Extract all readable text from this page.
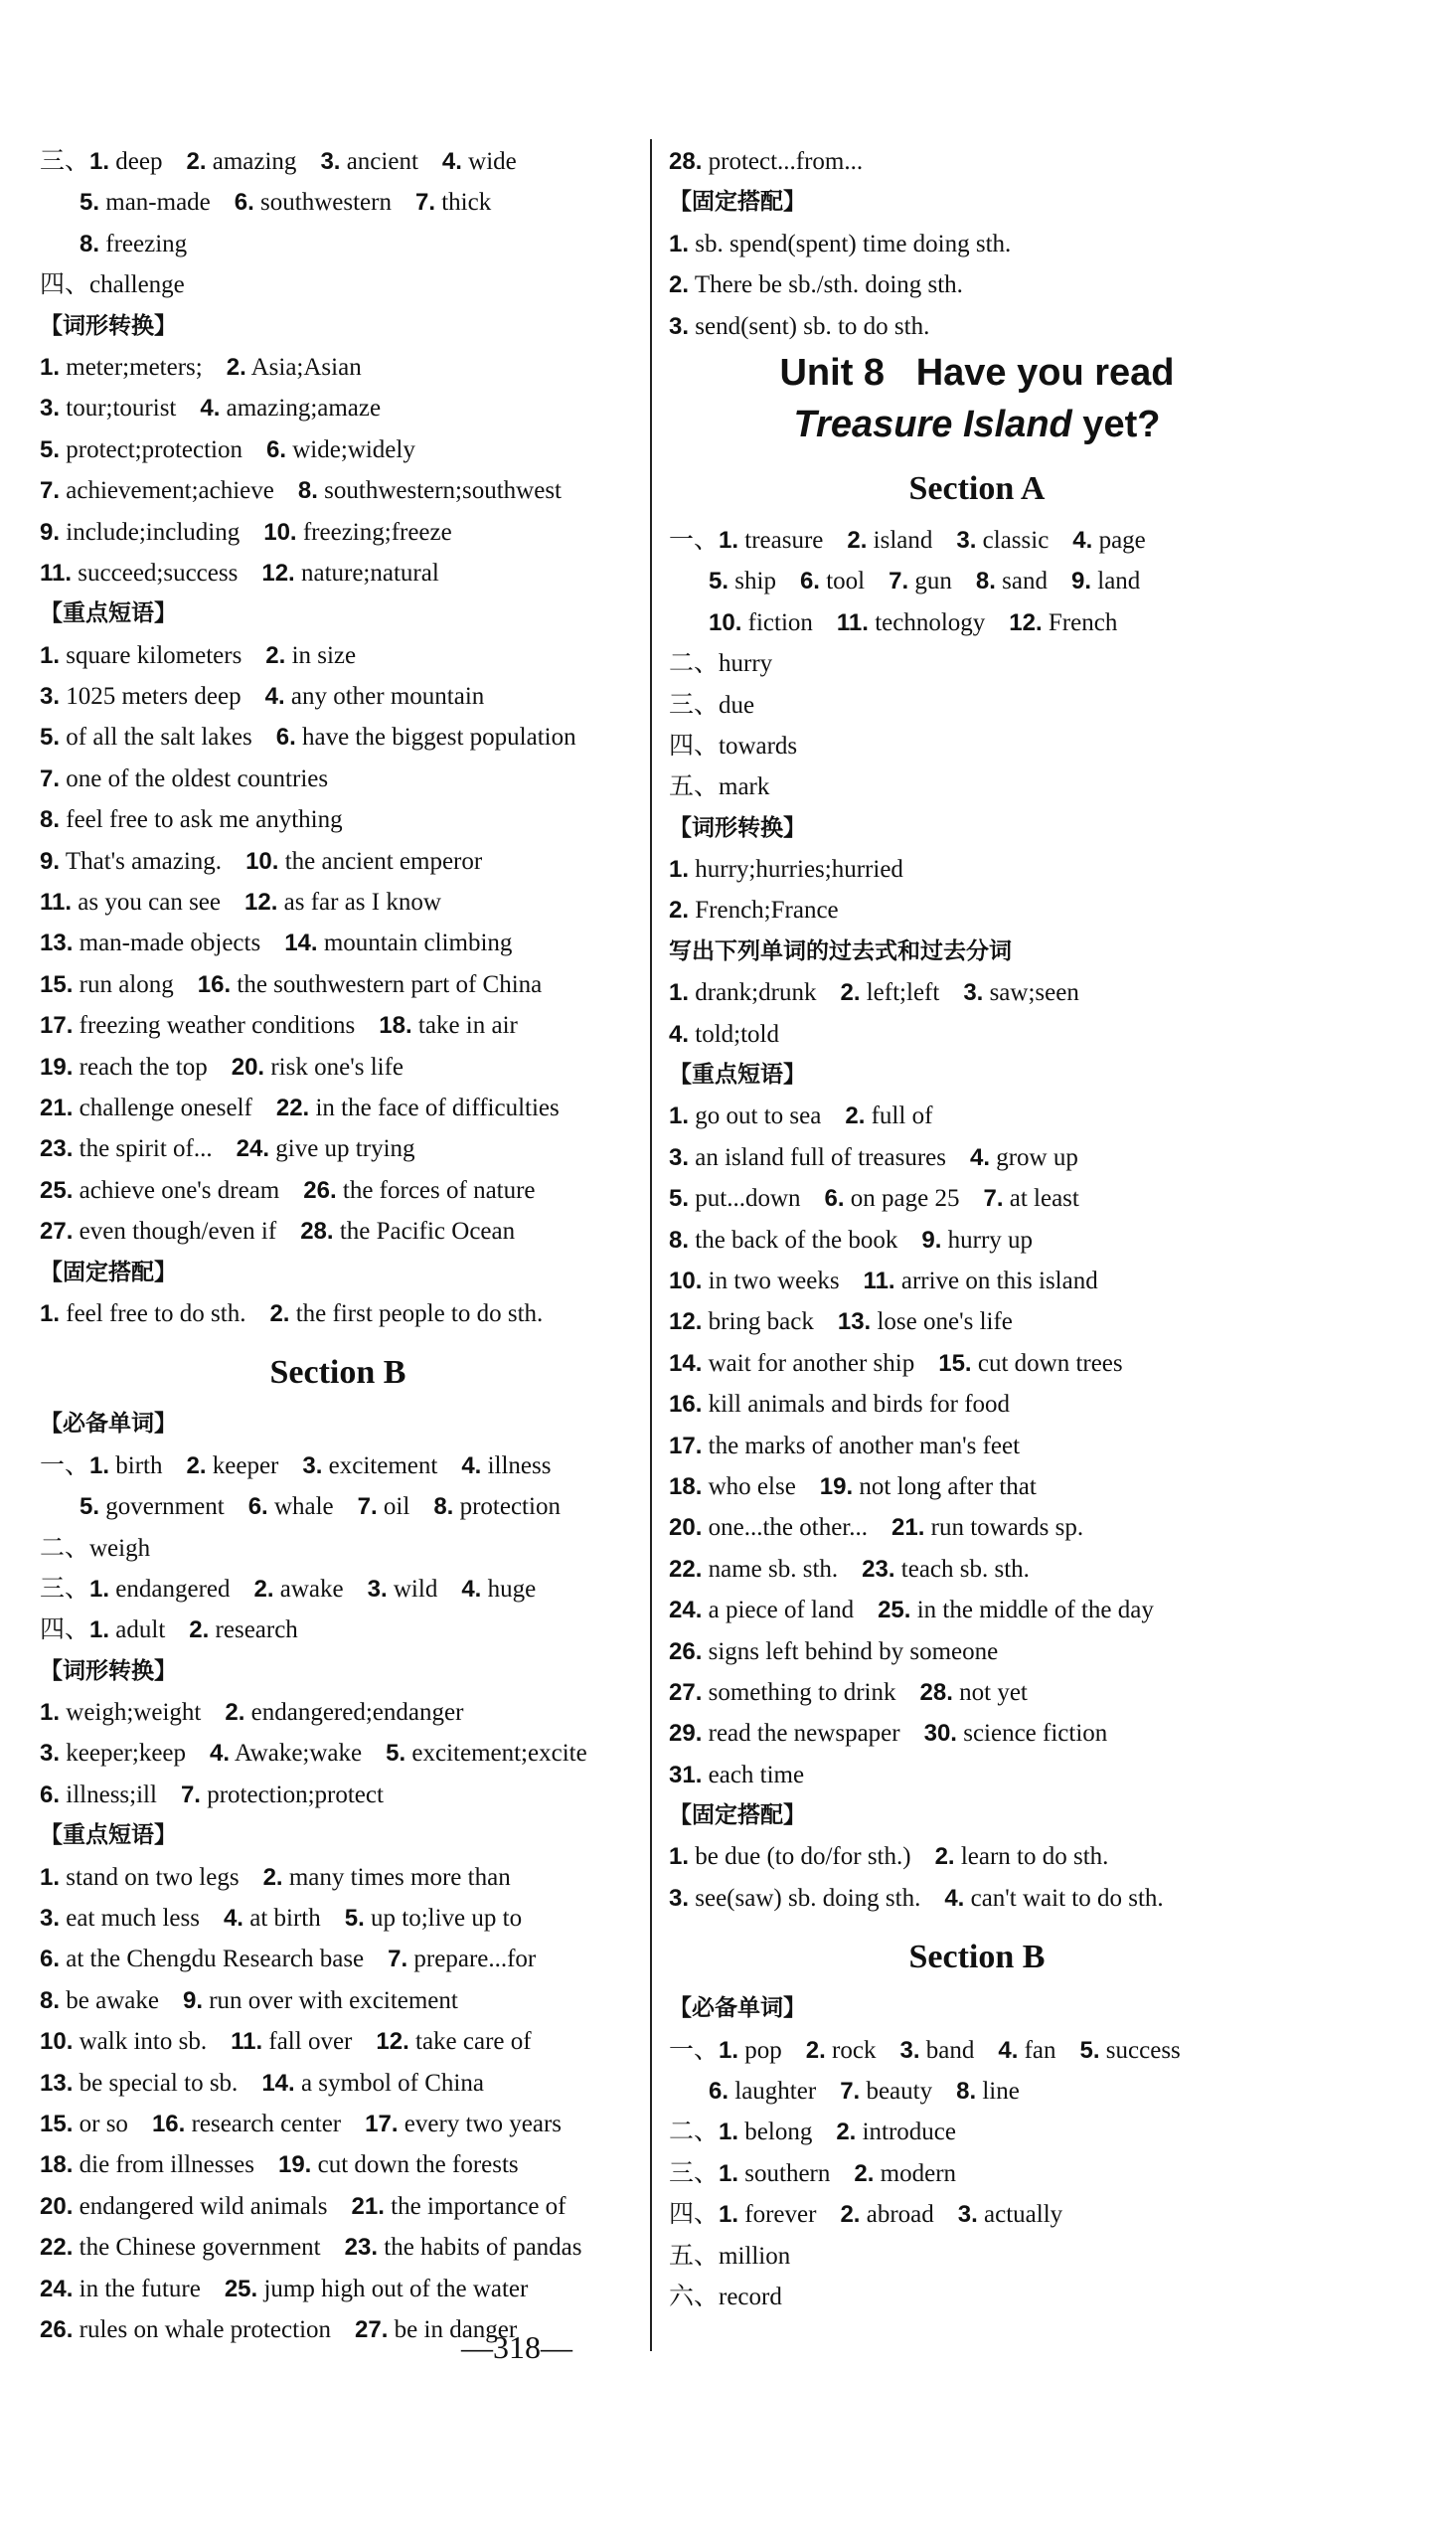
三、1. deep 2. amazing 3. ancient 4. wide
5. man-made 6. southwestern 7. thick
8. freezing
四、challenge
【词形转换】
1. meter;meters; 2. Asia;Asian
3. tour;tourist 4. amazing;amaze
5. protect;protection 6. wide;widely
7. achievement;achieve 8. southwestern;southwest
9. include;including 10. freezing;freeze
11. succeed;success 12. nature;natural
【重点短语】
1. square kilometers 2. in size
3. 1025 meters deep 4. any other mountain
5. of all the salt lakes 6. have the biggest population
7. one of the oldest countries
8. feel free to ask me anything
9. That's amazing. 10. the ancient emperor
11. as you can see 12. as far as I know
13. man-made objects 14. mountain climbing
15. run along 16. the southwestern part of China
17. freezing weather conditions 18. take in air
19. reach the top 20. risk one's life
21. challenge oneself 22. in the face of difficulties
23. the spirit of... 24. give up trying
25. achieve one's dream 26. the forces of nature
27. even though/even if 28. the Pacific Ocean
【固定搭配】
1. feel free to do sth. 2. the first people to do sth.
Section B
【必备单词】
一、1. birth 2. keeper 3. excitement 4. illness
5. government 6. whale 7. oil 8. protection
二、weigh
三、1. endangered 2. awake 3. wild 4. huge
四、1. adult 2. research
【词形转换】
1. weigh;weight 2. endangered;endanger
3. keeper;keep 4. Awake;wake 5. excitement;excite
6. illness;ill 7. protection;protect
【重点短语】
1. stand on two legs 2. many times more than
3. eat much less 4. at birth 5. up to;live up to
6. at the Chengdu Research base 7. prepare...for
8. be awake 9. run over with excitement
10. walk into sb. 11. fall over 12. take care of
13. be special to sb. 14. a symbol of China
15. or so 16. research center 17. every two years
18. die from illnesses 19. cut down the forests
20. endangered wild animals 21. the importance of
22. the Chinese government 23. the habits of pandas
24. in the future 25. jump high out of the water
26. rules on whale protection 27. be in danger
28. protect...from...
【固定搭配】
1. sb. spend(spent) time doing sth.
2. There be sb./sth. doing sth.
3. send(sent) sb. to do sth.
Unit 8   Have you read
Treasure Island yet?
Section A
一、1. treasure 2. island 3. classic 4. page
5. ship 6. tool 7. gun 8. sand 9. land
10. fiction 11. technology 12. French
二、hurry
三、due
四、towards
五、mark
【词形转换】
1. hurry;hurries;hurried
2. French;France
写出下列单词的过去式和过去分词
1. drank;drunk 2. left;left 3. saw;seen
4. told;told
【重点短语】
1. go out to sea 2. full of
3. an island full of treasures 4. grow up
5. put...down 6. on page 25 7. at least
8. the back of the book 9. hurry up
10. in two weeks 11. arrive on this island
12. bring back 13. lose one's life
14. wait for another ship 15. cut down trees
16. kill animals and birds for food
17. the marks of another man's feet
18. who else 19. not long after that
20. one...the other... 21. run towards sp.
22. name sb. sth. 23. teach sb. sth.
24. a piece of land 25. in the middle of the day
26. signs left behind by someone
27. something to drink 28. not yet
29. read the newspaper 30. science fiction
31. each time
【固定搭配】
1. be due (to do/for sth.) 2. learn to do sth.
3. see(saw) sb. doing sth. 4. can't wait to do sth.
Section B
【必备单词】
一、1. pop 2. rock 3. band 4. fan 5. success
6. laughter 7. beauty 8. line
二、1. belong 2. introduce
三、1. southern 2. modern
四、1. forever 2. abroad 3. actually
五、million
六、record
—318—
